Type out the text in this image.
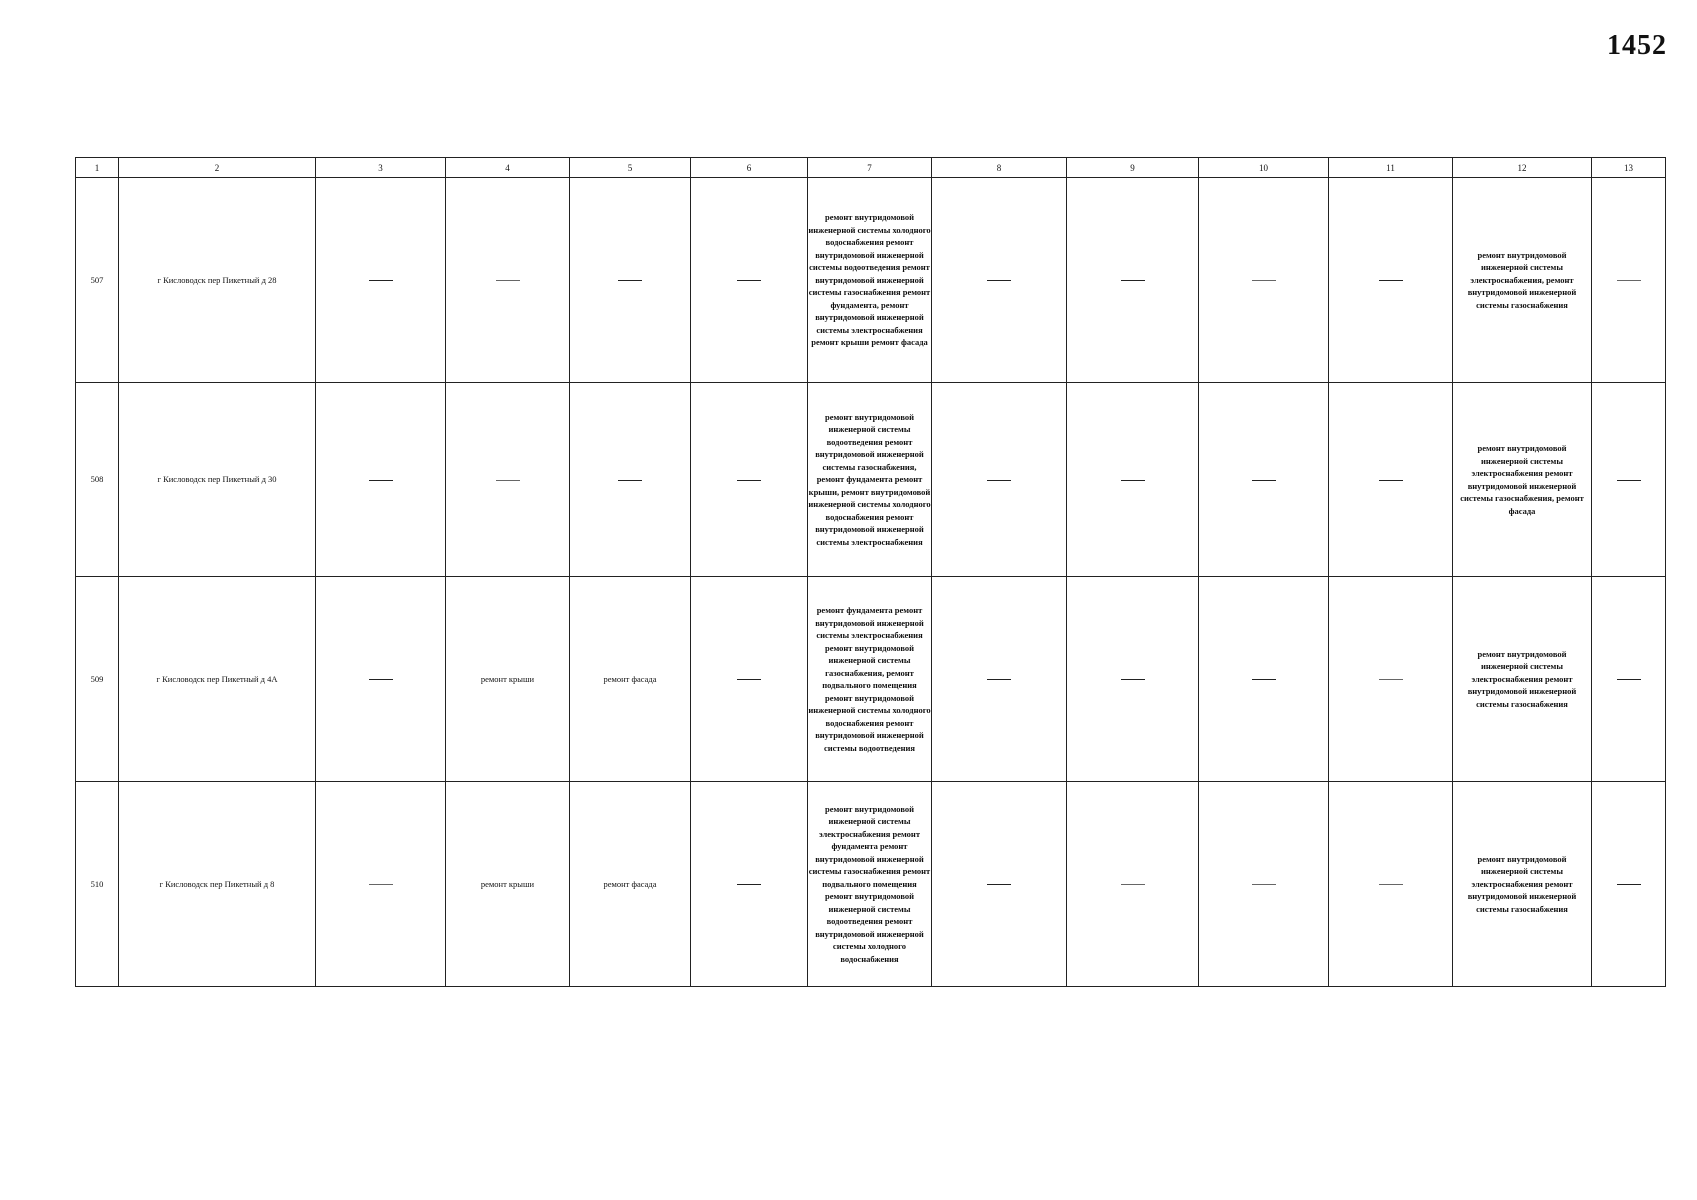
1452
1	2	3	4	5	6	7	8	9	10	11	12	13
507	г Кисловодск пер Пикетный д 28					ремонт внутридомовой инженерной системы холодного водоснабжения ремонт внутридомовой инженерной системы водоотведения ремонт внутридомовой инженерной системы газоснабжения ремонт фундамента, ремонт внутридомовой инженерной системы электроснабжения ремонт крыши ремонт фасада					ремонт внутридомовой инженерной системы электроснабжения, ремонт внутридомовой инженерной системы газоснабжения	
508	г Кисловодск пер Пикетный д 30					ремонт внутридомовой инженерной системы водоотведения ремонт внутридомовой инженерной системы газоснабжения, ремонт фундамента ремонт крыши, ремонт внутридомовой инженерной системы холодного водоснабжения ремонт внутридомовой инженерной системы электроснабжения					ремонт внутридомовой инженерной системы электроснабжения ремонт внутридомовой инженерной системы газоснабжения, ремонт фасада	
509	г Кисловодск пер Пикетный д 4А		ремонт крыши	ремонт фасада		ремонт фундамента ремонт внутридомовой инженерной системы электроснабжения ремонт внутридомовой инженерной системы газоснабжения, ремонт подвального помещения ремонт внутридомовой инженерной системы холодного водоснабжения ремонт внутридомовой инженерной системы водоотведения					ремонт внутридомовой инженерной системы электроснабжения ремонт внутридомовой инженерной системы газоснабжения	
510	г Кисловодск пер Пикетный д 8		ремонт крыши	ремонт фасада		ремонт внутридомовой инженерной системы электроснабжения ремонт фундамента ремонт внутридомовой инженерной системы газоснабжения ремонт подвального помещения ремонт внутридомовой инженерной системы водоотведения ремонт внутридомовой инженерной системы холодного водоснабжения					ремонт внутридомовой инженерной системы электроснабжения ремонт внутридомовой инженерной системы газоснабжения	
